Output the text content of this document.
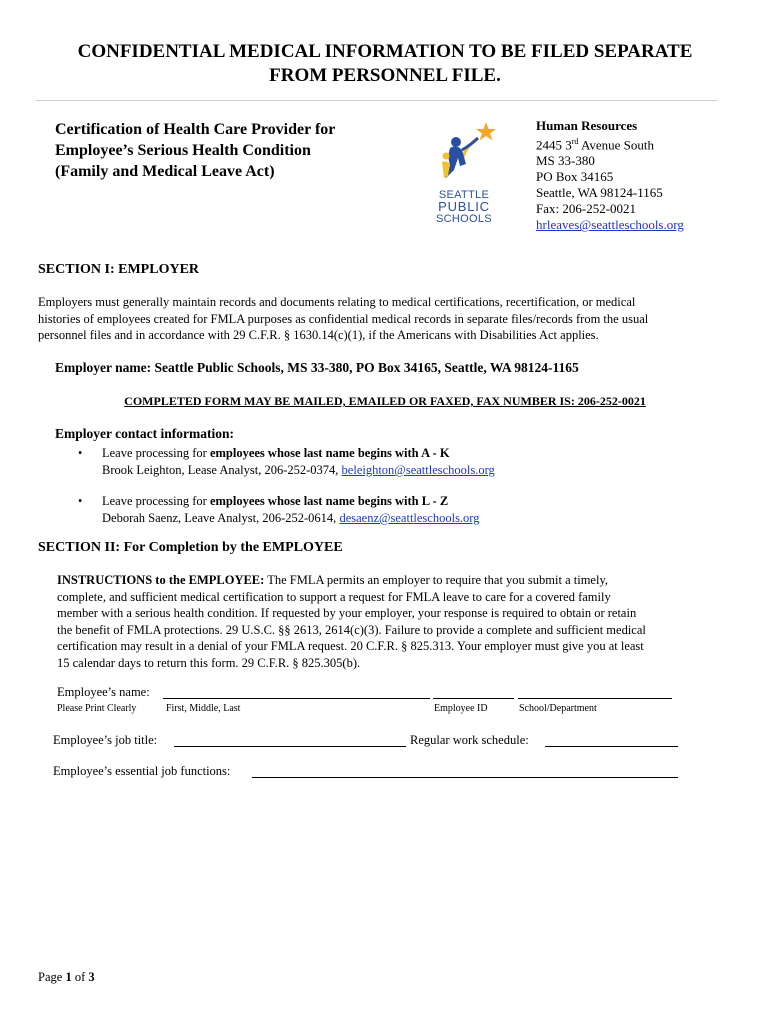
CONFIDENTIAL MEDICAL INFORMATION TO BE FILED SEPARATE
FROM PERSONNEL FILE.
Certification of Health Care Provider for
Employee’s Serious Health Condition
(Family and Medical Leave Act)
SEATTLE
PUBLIC
SCHOOLS
Human Resources
2445 3rd Avenue South
MS 33-380
PO Box 34165
Seattle, WA 98124-1165
Fax: 206-252-0021
hrleaves@seattleschools.org
SECTION I: EMPLOYER
Employers must generally maintain records and documents relating to medical certifications, recertification, or medical
histories of employees created for FMLA purposes as confidential medical records in separate files/records from the usual
personnel files and in accordance with 29 C.F.R. § 1630.14(c)(1), if the Americans with Disabilities Act applies.
Employer name: Seattle Public Schools, MS 33-380, PO Box 34165, Seattle, WA 98124-1165
COMPLETED FORM MAY BE MAILED, EMAILED OR FAXED, FAX NUMBER IS: 206-252-0021
Employer contact information:
• Leave processing for employees whose last name begins with A - K
Brook Leighton, Lease Analyst, 206-252-0374, beleighton@seattleschools.org
• Leave processing for employees whose last name begins with L - Z
Deborah Saenz, Leave Analyst, 206-252-0614, desaenz@seattleschools.org
SECTION II: For Completion by the EMPLOYEE
INSTRUCTIONS to the EMPLOYEE: The FMLA permits an employer to require that you submit a timely,
complete, and sufficient medical certification to support a request for FMLA leave to care for a covered family
member with a serious health condition. If requested by your employer, your response is required to obtain or retain
the benefit of FMLA protections. 29 U.S.C. §§ 2613, 2614(c)(3). Failure to provide a complete and sufficient medical
certification may result in a denial of your FMLA request. 20 C.F.R. § 825.313. Your employer must give you at least
15 calendar days to return this form. 29 C.F.R. § 825.305(b).
Employee’s name:
Please Print Clearly	First, Middle, Last	Employee ID	School/Department
Employee’s job title:	Regular work schedule:
Employee’s essential job functions:
Page 1 of 3
